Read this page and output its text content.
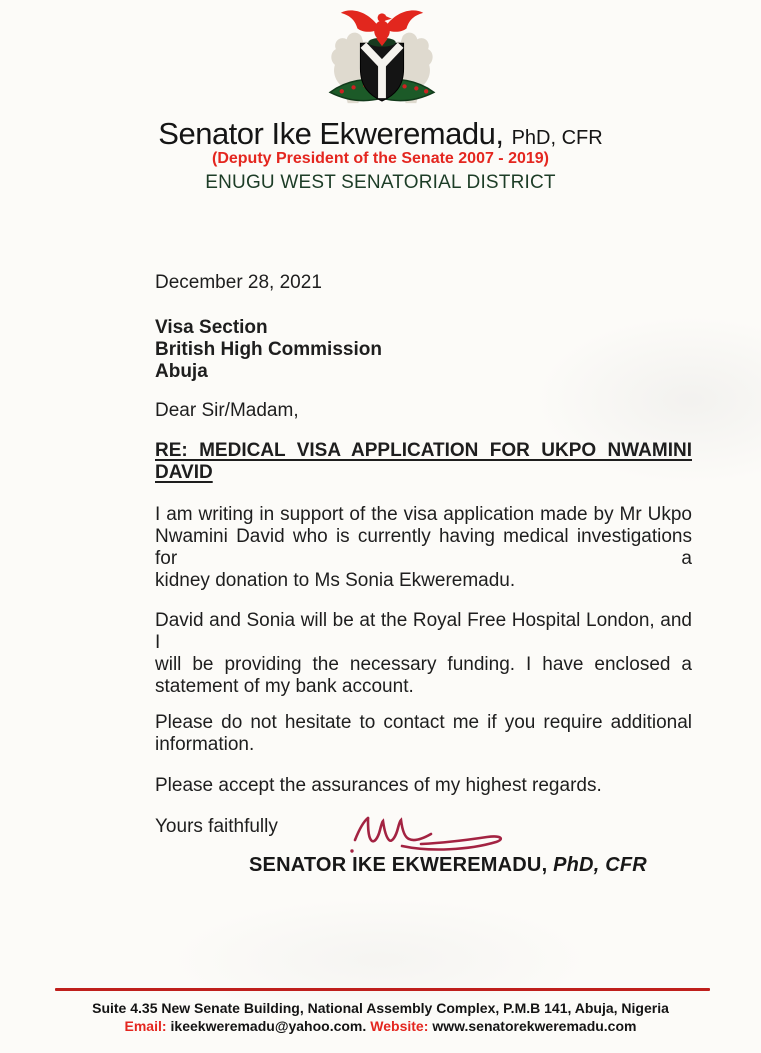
Senator Ike Ekweremadu, PhD, CFR
(Deputy President of the Senate 2007 - 2019)
ENUGU WEST SENATORIAL DISTRICT
December 28, 2021
Visa Section
British High Commission
Abuja
Dear Sir/Madam,
RE: MEDICAL VISA APPLICATION FOR UKPO NWAMINI
DAVID
I am writing in support of the visa application made by Mr Ukpo
Nwamini David who is currently having medical investigations for a
kidney donation to Ms Sonia Ekweremadu.
David and Sonia will be at the Royal Free Hospital London, and I
will be providing the necessary funding. I have enclosed a
statement of my bank account.
Please do not hesitate to contact me if you require additional
information.
Please accept the assurances of my highest regards.
Yours faithfully
SENATOR IKE EKWEREMADU, PhD, CFR
Suite 4.35 New Senate Building, National Assembly Complex, P.M.B 141, Abuja, Nigeria
Email: ikeekweremadu@yahoo.com. Website: www.senatorekweremadu.com
